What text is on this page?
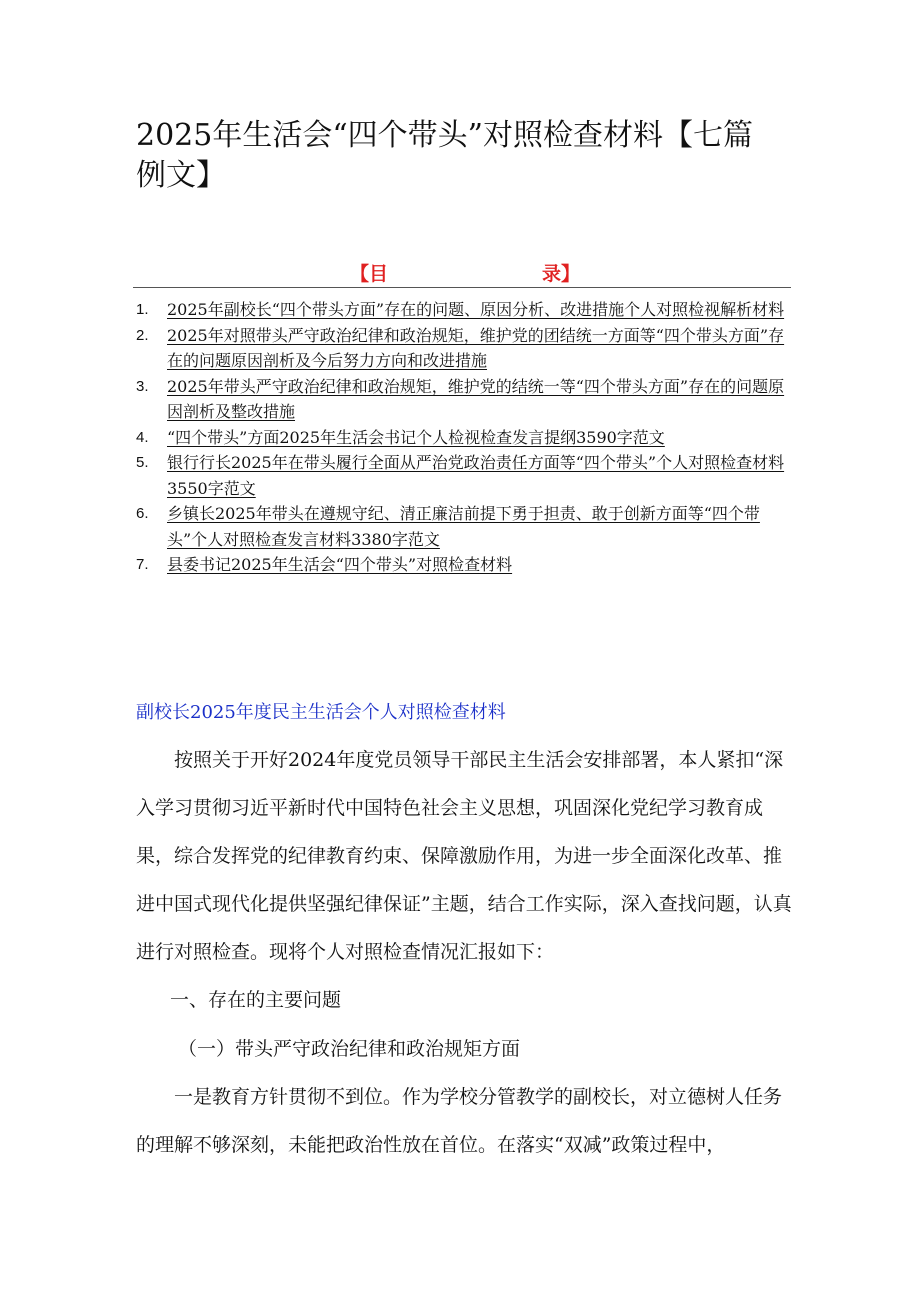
2025年生活会“四个带头”对照检查材料【七篇例文】
【目	录】
1. 2025年副校长“四个带头方面”存在的问题、原因分析、改进措施个人对照检视解析材料
2. 2025年对照带头严守政治纪律和政治规矩，维护党的团结统一方面等“四个带头方面”存在的问题原因剖析及今后努力方向和改进措施
3. 2025年带头严守政治纪律和政治规矩，维护党的结统一等“四个带头方面”存在的问题原因剖析及整改措施
4. “四个带头”方面2025年生活会书记个人检视检查发言提纲3590字范文
5. 银行行长2025年在带头履行全面从严治党政治责任方面等“四个带头”个人对照检查材料3550字范文
6. 乡镇长2025年带头在遵规守纪、清正廉洁前提下勇于担责、敢于创新方面等“四个带头”个人对照检查发言材料3380字范文
7. 县委书记2025年生活会“四个带头”对照检查材料
副校长2025年度民主生活会个人对照检查材料

按照关于开好2024年度党员领导干部民主生活会安排部署，本人紧扣“深入学习贯彻习近平新时代中国特色社会主义思想，巩固深化党纪学习教育成果，综合发挥党的纪律教育约束、保障激励作用，为进一步全面深化改革、推进中国式现代化提供坚强纪律保证”主题，结合工作实际，深入查找问题，认真进行对照检查。现将个人对照检查情况汇报如下：

一、存在的主要问题

（一）带头严守政治纪律和政治规矩方面

一是教育方针贯彻不到位。作为学校分管教学的副校长，对立德树人任务的理解不够深刻，未能把政治性放在首位。在落实“双减”政策过程中，
